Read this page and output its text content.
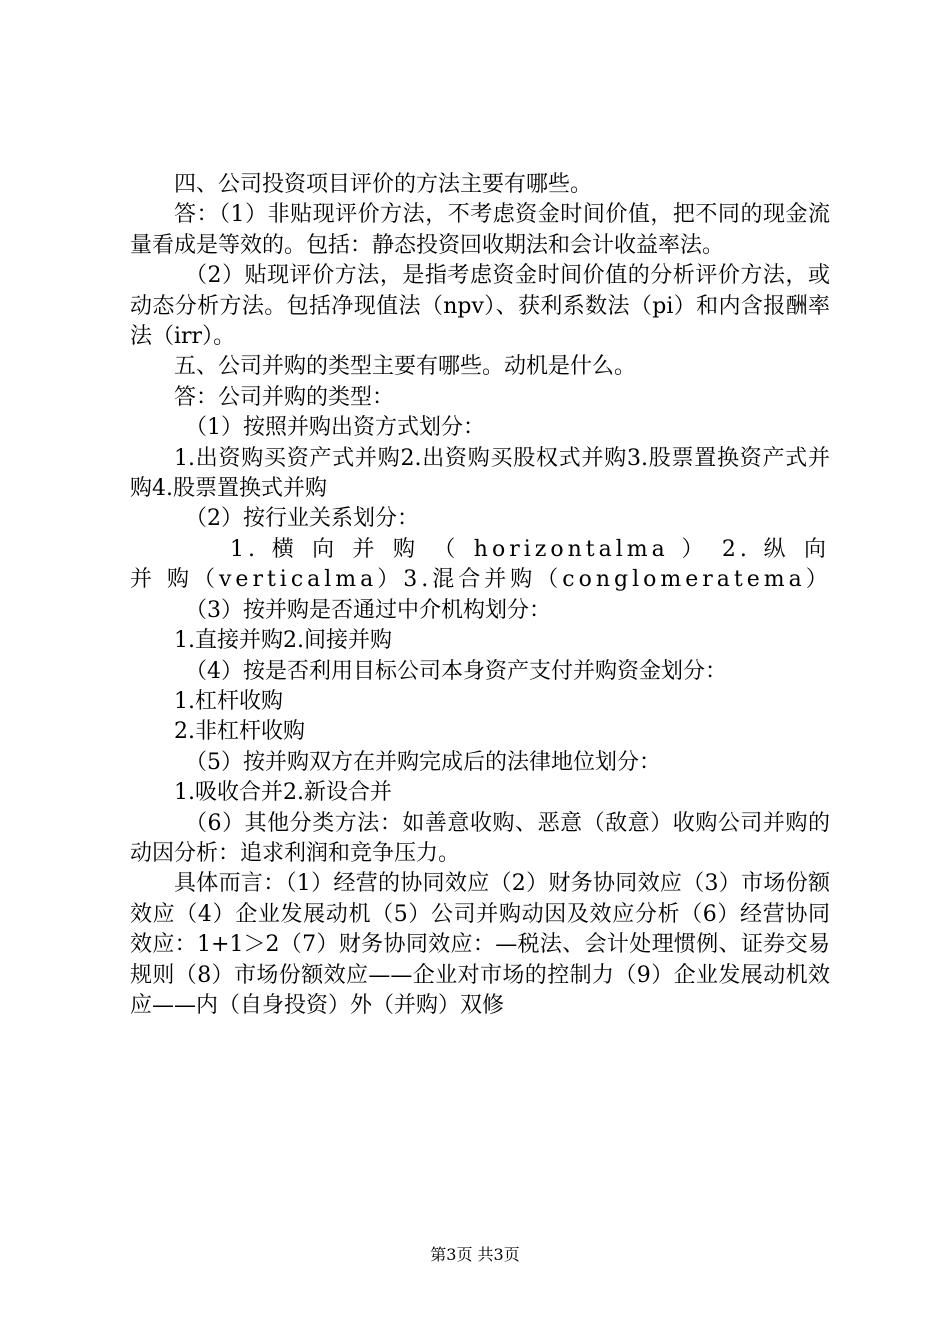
四、公司投资项目评价的方法主要有哪些。

答：（1）非贴现评价方法，不考虑资金时间价值，把不同的现金流量看成是等效的。包括：静态投资回收期法和会计收益率法。

（2）贴现评价方法，是指考虑资金时间价值的分析评价方法，或动态分析方法。包括净现值法（npv）、获利系数法（pi）和内含报酬率法（irr）。

五、公司并购的类型主要有哪些。动机是什么。

答：公司并购的类型：

（1）按照并购出资方式划分：

1.出资购买资产式并购2.出资购买股权式并购3.股票置换资产式并购4.股票置换式并购

（2）按行业关系划分：

1. 横 向 并 购 （ horizontalma ） 2. 纵 向 并 购（verticalma）3.混合并购（conglomeratema）

（3）按并购是否通过中介机构划分：

1.直接并购2.间接并购

（4）按是否利用目标公司本身资产支付并购资金划分：

1.杠杆收购

2.非杠杆收购

（5）按并购双方在并购完成后的法律地位划分：

1.吸收合并2.新设合并

（6）其他分类方法：如善意收购、恶意（敌意）收购公司并购的动因分析：追求利润和竞争压力。

具体而言：（1）经营的协同效应（2）财务协同效应（3）市场份额效应（4）企业发展动机（5）公司并购动因及效应分析（6）经营协同效应：1+1＞2（7）财务协同效应：—税法、会计处理惯例、证券交易规则（8）市场份额效应——企业对市场的控制力（9）企业发展动机效应——内（自身投资）外（并购）双修

第3页 共3页
